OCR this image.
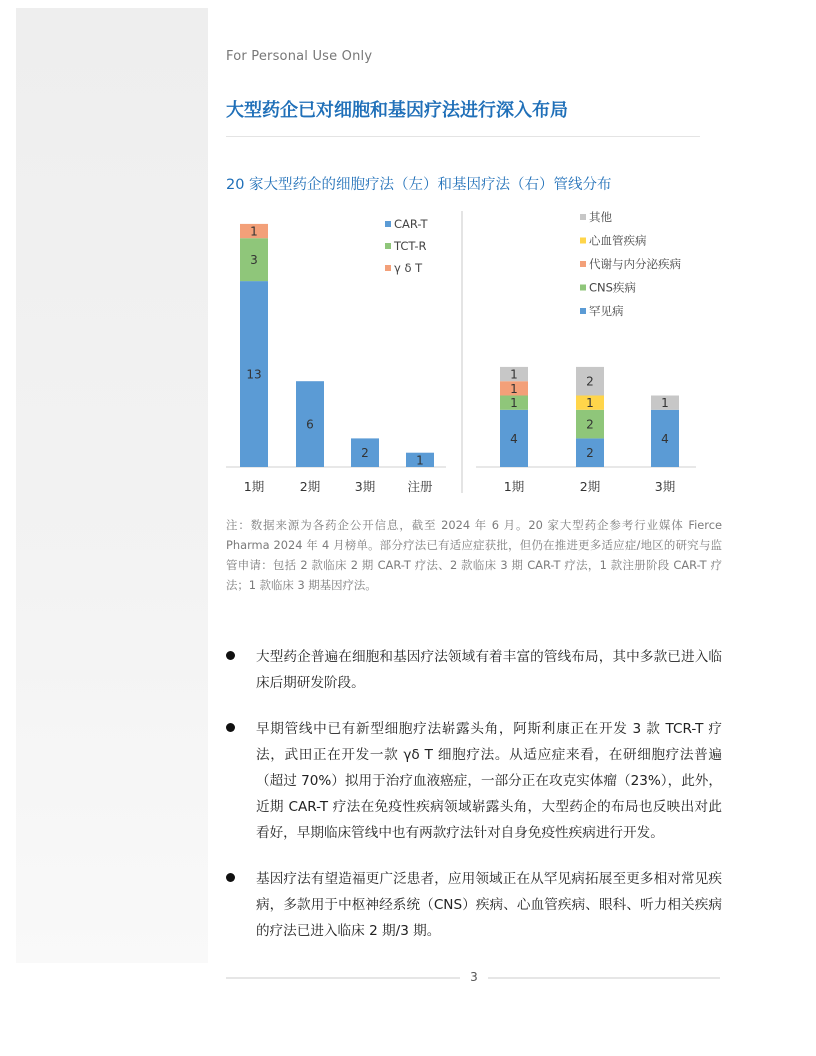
For Personal Use Only
大型药企已对细胞和基因疗法进行深入布局
20 家大型药企的细胞疗法（左）和基因疗法（右）管线分布
13
3
1
1期
6
2期
2
3期
1
注册
CAR-T
TCT-R
γ δ T
4
1
1
1
1期
2
2
1
2
2期
4
1
3期
其他
心血管疾病
代谢与内分泌疾病
CNS疾病
罕见病
注：数据来源为各药企公开信息，截至 2024 年 6 月。20 家大型药企参考行业媒体 Fierce Pharma 2024 年 4 月榜单。部分疗法已有适应症获批，但仍在推进更多适应症/地区的研究与监管申请：包括 2 款临床 2 期 CAR-T 疗法、2 款临床 3 期 CAR-T 疗法，1 款注册阶段 CAR-T 疗法；1 款临床 3 期基因疗法。
大型药企普遍在细胞和基因疗法领域有着丰富的管线布局，其中多款已进入临床后期研发阶段。
早期管线中已有新型细胞疗法崭露头角，阿斯利康正在开发 3 款 TCR-T 疗法，武田正在开发一款 γδ T 细胞疗法。从适应症来看，在研细胞疗法普遍（超过 70%）拟用于治疗血液癌症，一部分正在攻克实体瘤（23%），此外，近期 CAR-T 疗法在免疫性疾病领域崭露头角，大型药企的布局也反映出对此看好，早期临床管线中也有两款疗法针对自身免疫性疾病进行开发。
基因疗法有望造福更广泛患者，应用领域正在从罕见病拓展至更多相对常见疾病，多款用于中枢神经系统（CNS）疾病、心血管疾病、眼科、听力相关疾病的疗法已进入临床 2 期/3 期。
3
